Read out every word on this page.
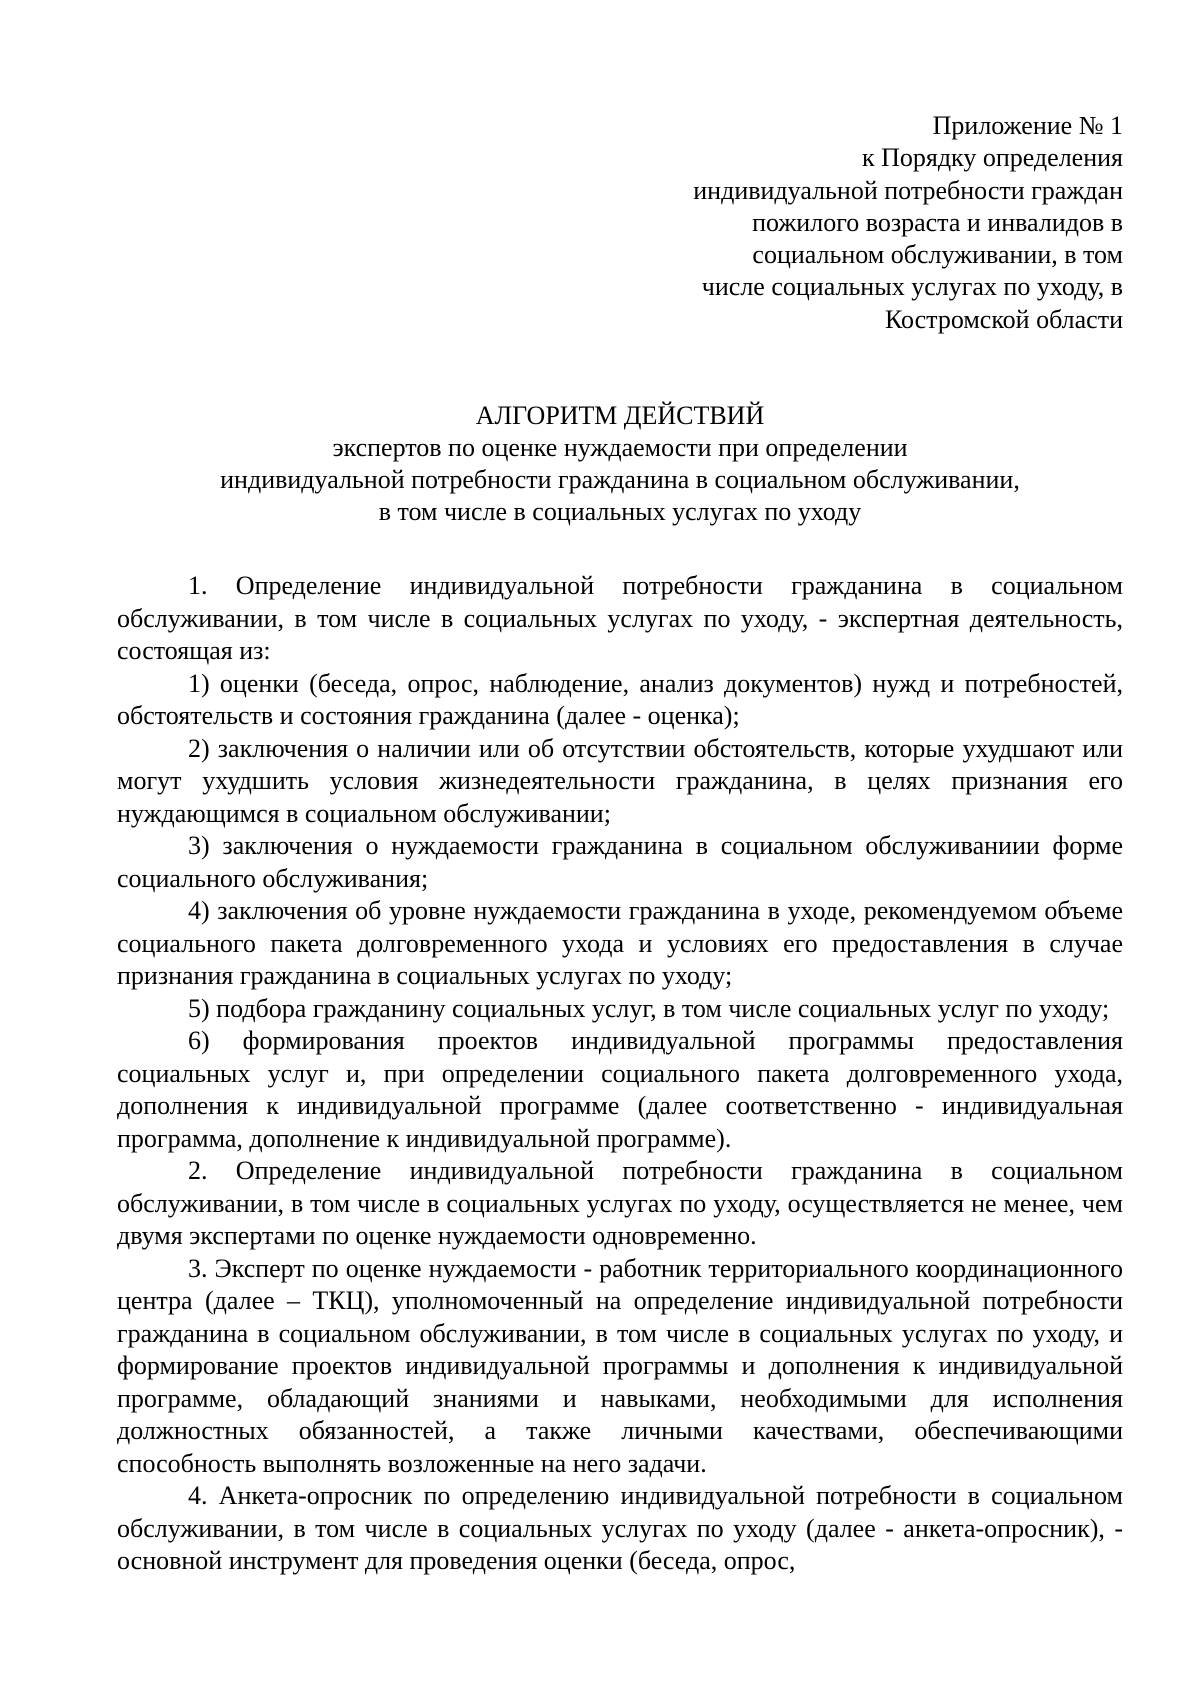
Приложение № 1
к Порядку определения
индивидуальной потребности граждан
пожилого возраста и инвалидов в
социальном обслуживании, в том
числе социальных услугах по уходу, в
Костромской области
АЛГОРИТМ ДЕЙСТВИЙ
экспертов по оценке нуждаемости при определении
индивидуальной потребности гражданина в социальном обслуживании,
в том числе в социальных услугах по уходу

1. Определение индивидуальной потребности гражданина в социальном обслуживании, в том числе в социальных услугах по уходу, - экспертная деятельность, состоящая из:

1) оценки (беседа, опрос, наблюдение, анализ документов) нужд и потребностей, обстоятельств и состояния гражданина (далее - оценка);

2) заключения о наличии или об отсутствии обстоятельств, которые ухудшают или могут ухудшить условия жизнедеятельности гражданина, в целях признания его нуждающимся в социальном обслуживании;

3) заключения о нуждаемости гражданина в социальном обслуживаниии форме социального обслуживания;

4) заключения об уровне нуждаемости гражданина в уходе, рекомендуемом объеме социального пакета долговременного ухода и условиях его предоставления в случае признания гражданина в социальных услугах по уходу;

5) подбора гражданину социальных услуг, в том числе социальных услуг по уходу;

6) формирования проектов индивидуальной программы предоставления социальных услуг и, при определении социального пакета долговременного ухода, дополнения к индивидуальной программе (далее соответственно - индивидуальная программа, дополнение к индивидуальной программе).

2. Определение индивидуальной потребности гражданина в социальном обслуживании, в том числе в социальных услугах по уходу, осуществляется не менее, чем двумя экспертами по оценке нуждаемости одновременно.

3. Эксперт по оценке нуждаемости - работник территориального координационного центра (далее – ТКЦ), уполномоченный на определение индивидуальной потребности гражданина в социальном обслуживании, в том числе в социальных услугах по уходу, и формирование проектов индивидуальной программы и дополнения к индивидуальной программе, обладающий знаниями и навыками, необходимыми для исполнения должностных обязанностей, а также личными качествами, обеспечивающими способность выполнять возложенные на него задачи.

4. Анкета-опросник по определению индивидуальной потребности в социальном обслуживании, в том числе в социальных услугах по уходу (далее - анкета-опросник), - основной инструмент для проведения оценки (беседа, опрос,
